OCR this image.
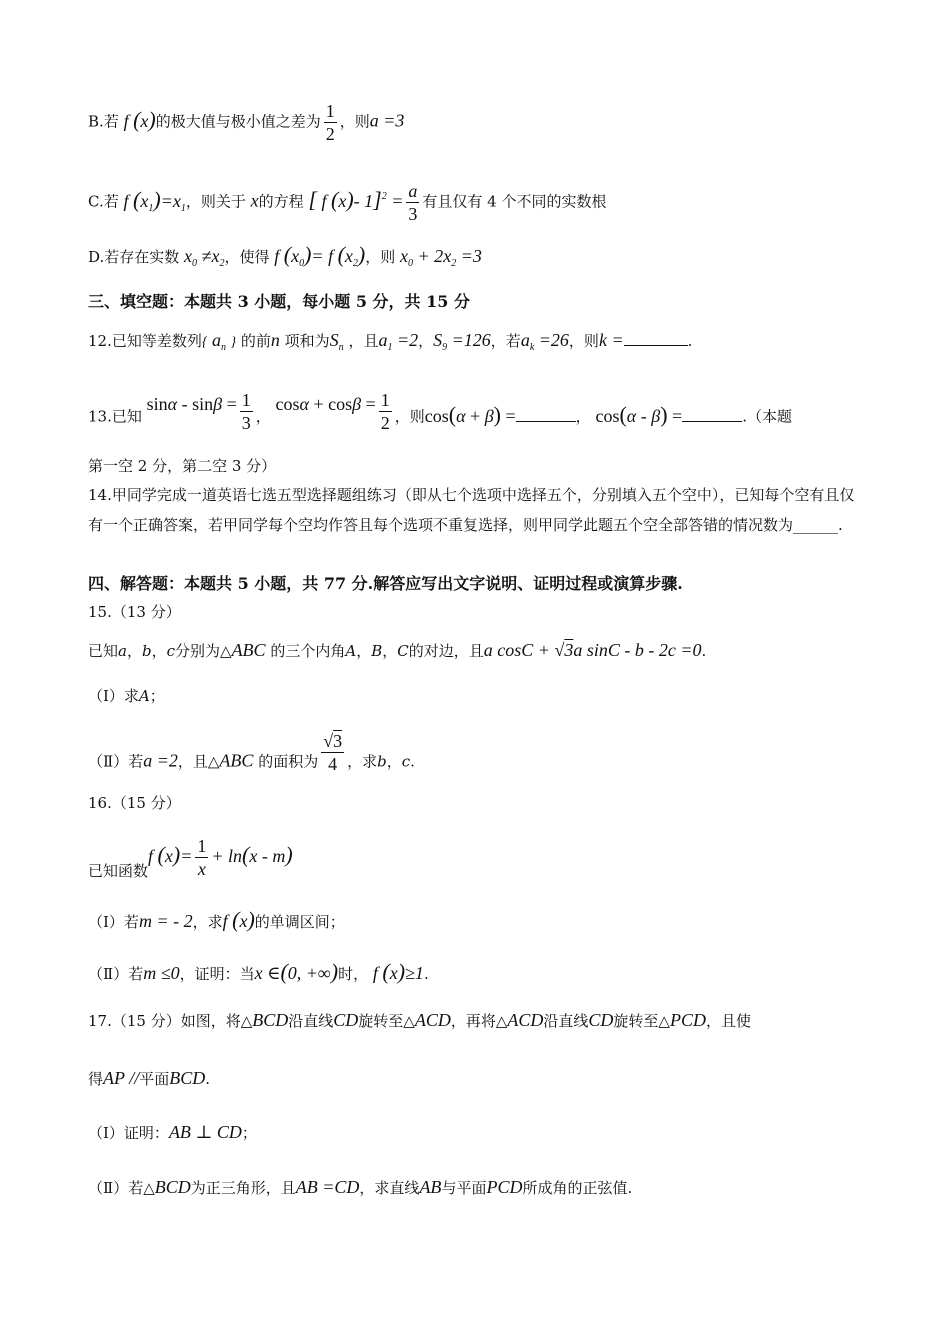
B.若 f (x)的极大值与极小值之差为 $\frac{1}{2}$ ，则a =3
C.若 f $(x_1)=x_1$，则关于 x的方程 [ f (x)- $1]^2 = \frac{a}{3}$ 有且仅有 4 个不同的实数根
D.若存在实数 $x_0 \ne x_2$，使得 f $(x_0)= f$ $(x_2)$，则 $x_0 + 2x_2 =3$
三、填空题：本题共 3 小题，每小题 5 分，共 15 分
12.已知等差数列{ $a_n$ } 的前n 项和为$S_n$ ，且$a_1 =2$，$S_9 =126$，若$a_k =26$，则k =	.
13.已知 $\sin\alpha - \sin\beta = \frac{1}{3}$ ， $\cos\alpha + \cos\beta = \frac{1}{2}$ ，则cos(α + β) =	， cos(α - β) =	.（本题
第一空 2 分，第二空 3 分）
14.甲同学完成一道英语七选五型选择题组练习（即从七个选项中选择五个，分别填入五个空中），已知每个空有且仅有一个正确答案，若甲同学每个空均作答且每个选项不重复选择，则甲同学此题五个空全部答错的情况数为______.
四、解答题：本题共 5 小题，共 77 分.解答应写出文字说明、证明过程或演算步骤.
15.（13 分）
已知a，b，c分别为△ABC 的三个内角A，B，C的对边，且a cosC + √3a sinC - b - 2c =0.
（Ⅰ）求A；
（Ⅱ）若a =2，且△ABC 的面积为 $\frac{√3}{4}$ ，求b，c.
16.（15 分）
已知函数f $(x)= \frac{1}{x} + \ln(x - m)$
（Ⅰ）若m = - 2，求f (x)的单调区间；
（Ⅱ）若m ≤0，证明：当x ∈(0, +∞)时， f (x)≥1.
17.（15 分）如图，将△BCD沿直线CD旋转至△ACD，再将△ACD沿直线CD旋转至△PCD，且使
得AP //平面BCD.
（Ⅰ）证明：AB ⊥ CD；
（Ⅱ）若△BCD为正三角形，且AB =CD，求直线AB与平面PCD所成角的正弦值.
